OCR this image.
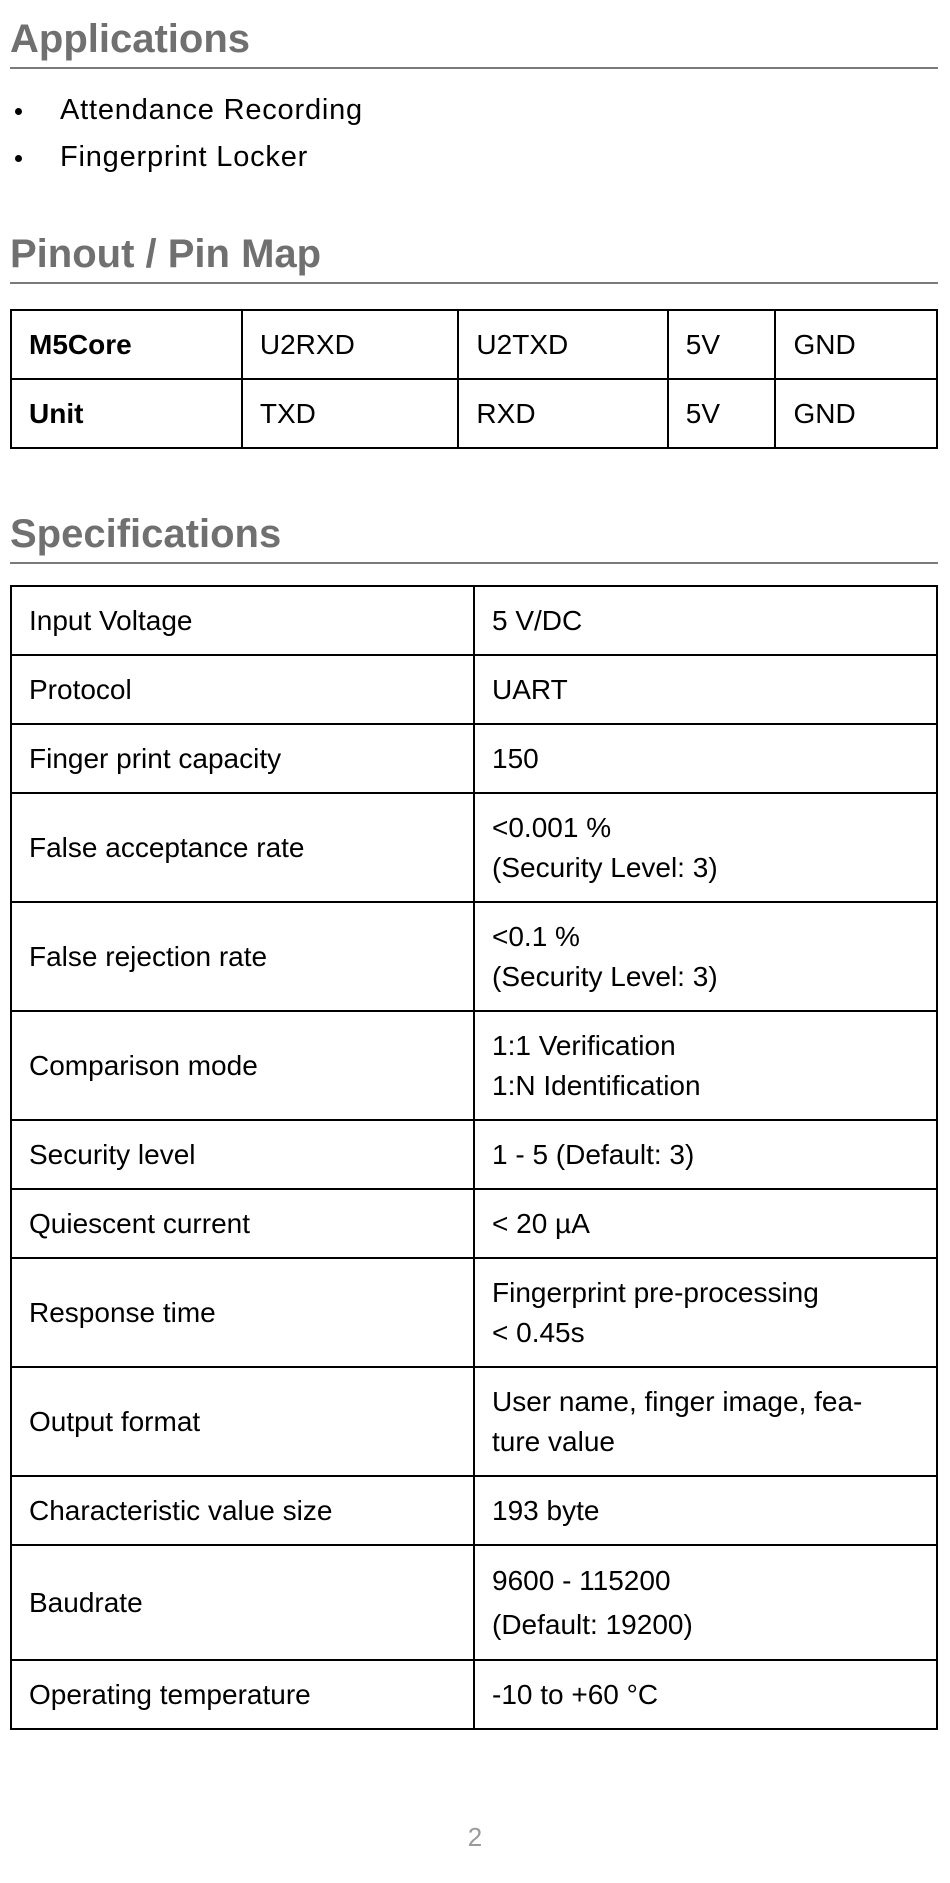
Applications
Attendance Recording
Fingerprint Locker
Pinout / Pin Map
M5Core	U2RXD	U2TXD	5V	GND
Unit	TXD	RXD	5V	GND
Specifications
Input Voltage	5 V/DC
Protocol	UART
Finger print capacity	150
False acceptance rate	<0.001 %
(Security Level: 3)

False rejection rate	<0.1 %
(Security Level: 3)

Comparison mode	1:1 Verification
1:N Identification

Security level	1 - 5 (Default: 3)
Quiescent current	< 20 µA
Response time	Fingerprint pre-processing
< 0.45s

Output format	User name, finger image, fea-
ture value

Characteristic value size	193 byte
Baudrate	9600 - 115200
(Default: 19200)

Operating temperature	-10 to +60 °C
2
